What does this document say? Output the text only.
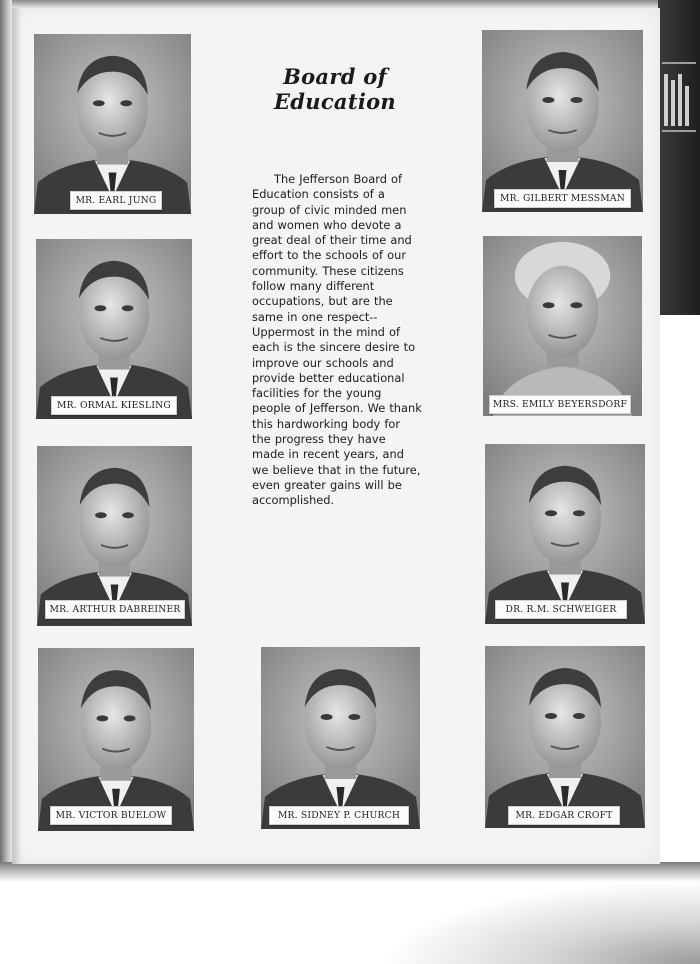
Board of Education

The Jefferson Board of Education consists of a group of civic minded men and women who devote a great deal of their time and effort to the schools of our community. These citizens follow many different occupations, but are the same in one respect--Uppermost in the mind of each is the sincere desire to improve our schools and provide better educational facilities for the young people of Jefferson. We thank this hardworking body for the progress they have made in recent years, and we believe that in the future, even greater gains will be accomplished.

MR. EARL JUNG	MR. GILBERT MESSMAN
MR. ORMAL KIESLING	MRS. EMILY BEYERSDORF
MR. ARTHUR DABREINER	DR. R.M. SCHWEIGER
MR. VICTOR BUELOW	MR. SIDNEY P. CHURCH	MR. EDGAR CROFT
